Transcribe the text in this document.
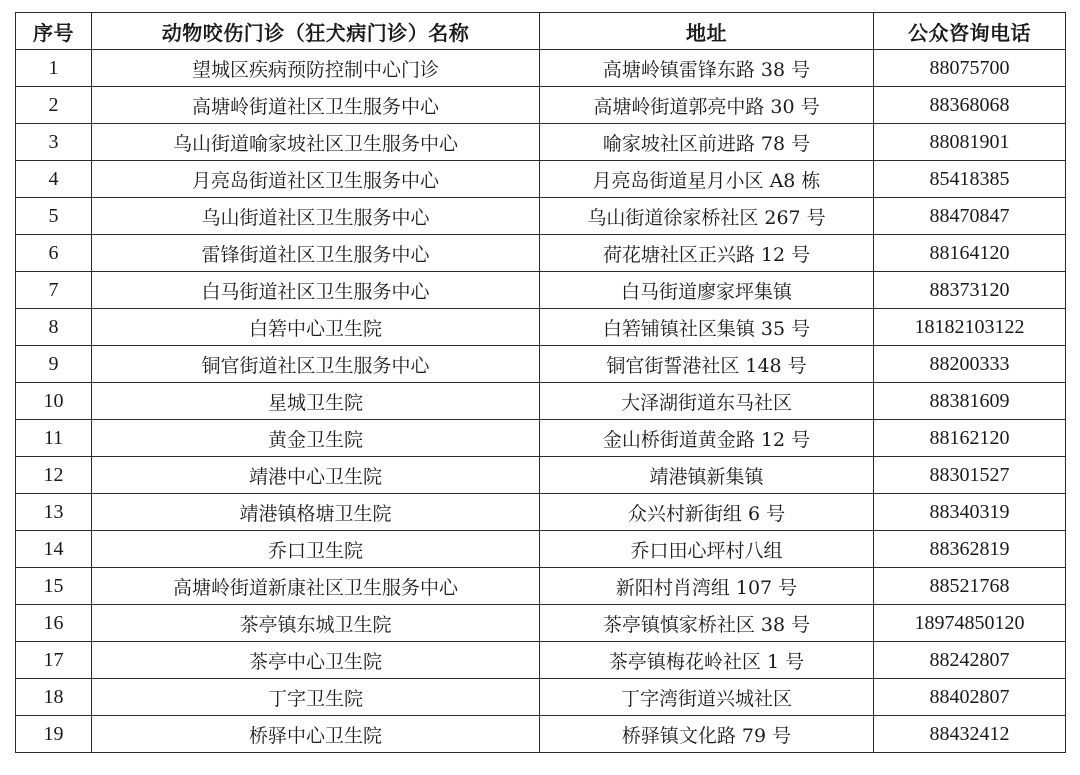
序号	动物咬伤门诊（狂犬病门诊）名称	地址	公众咨询电话
1	望城区疾病预防控制中心门诊	高塘岭镇雷锋东路 38 号	88075700
2	高塘岭街道社区卫生服务中心	高塘岭街道郭亮中路 30 号	88368068
3	乌山街道喻家坡社区卫生服务中心	喻家坡社区前进路 78 号	88081901
4	月亮岛街道社区卫生服务中心	月亮岛街道星月小区 A8 栋	85418385
5	乌山街道社区卫生服务中心	乌山街道徐家桥社区 267 号	88470847
6	雷锋街道社区卫生服务中心	荷花塘社区正兴路 12 号	88164120
7	白马街道社区卫生服务中心	白马街道廖家坪集镇	88373120
8	白箬中心卫生院	白箬铺镇社区集镇 35 号	18182103122
9	铜官街道社区卫生服务中心	铜官街誓港社区 148 号	88200333
10	星城卫生院	大泽湖街道东马社区	88381609
11	黄金卫生院	金山桥街道黄金路 12 号	88162120
12	靖港中心卫生院	靖港镇新集镇	88301527
13	靖港镇格塘卫生院	众兴村新街组 6 号	88340319
14	乔口卫生院	乔口田心坪村八组	88362819
15	高塘岭街道新康社区卫生服务中心	新阳村肖湾组 107 号	88521768
16	茶亭镇东城卫生院	茶亭镇慎家桥社区 38 号	18974850120
17	茶亭中心卫生院	茶亭镇梅花岭社区 1 号	88242807
18	丁字卫生院	丁字湾街道兴城社区	88402807
19	桥驿中心卫生院	桥驿镇文化路 79 号	88432412
